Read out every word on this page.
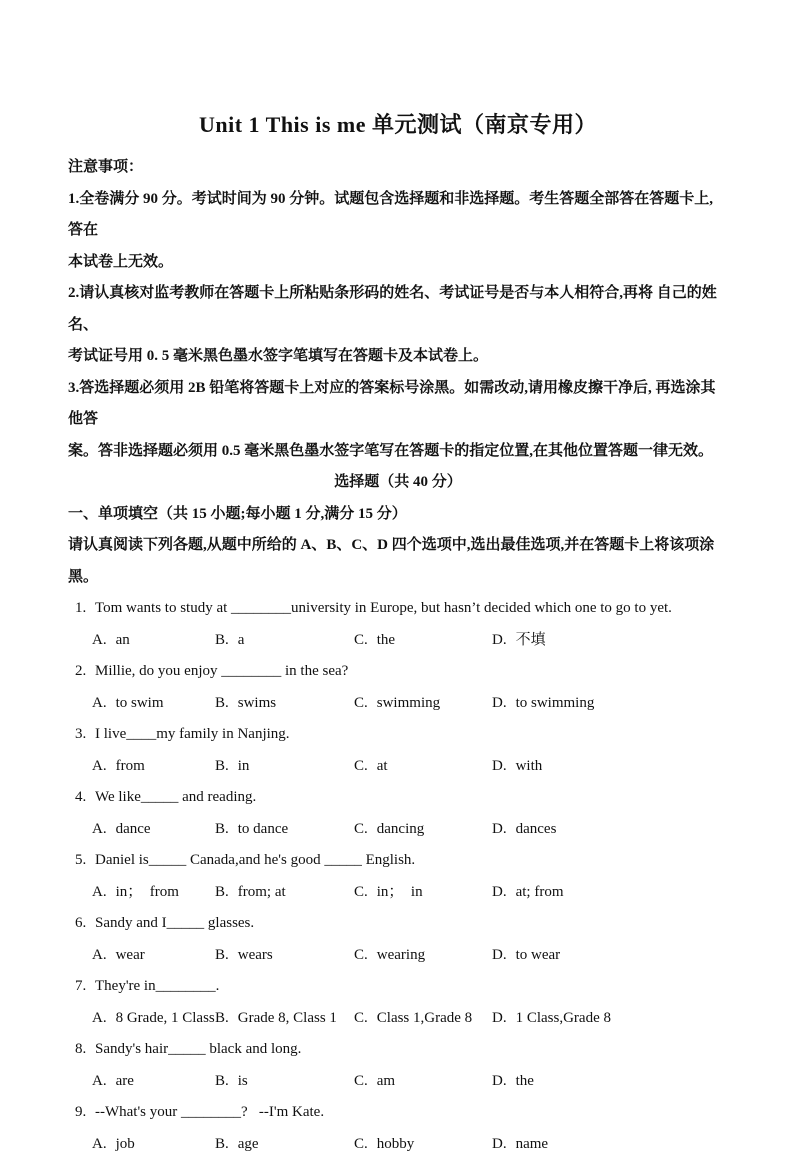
Unit 1 This is me 单元测试（南京专用）
注意事项：
1.全卷满分 90 分。考试时间为 90 分钟。试题包含选择题和非选择题。考生答题全部答在答题卡上, 答在
本试卷上无效。
2.请认真核对监考教师在答题卡上所粘贴条形码的姓名、考试证号是否与本人相符合,再将 自己的姓名、
考试证号用 0. 5 毫米黑色墨水签字笔填写在答题卡及本试卷上。
3.答选择题必须用 2B 铅笔将答题卡上对应的答案标号涂黑。如需改动,请用橡皮擦干净后, 再选涂其他答
案。答非选择题必须用 0.5 毫米黑色墨水签字笔写在答题卡的指定位置,在其他位置答题一律无效。
选择题（共 40 分）
一、单项填空（共 15 小题;每小题 1 分,满分 15 分）
请认真阅读下列各题,从题中所给的 A、B、C、D 四个选项中,选出最佳选项,并在答题卡上将该项涂黑。
1. Tom wants to study at ________university in Europe, but hasn’t decided which one to go to yet.
A. an	B. a	C. the	D. 不填
2. Millie, do you enjoy ________ in the sea?
A. to swim	B. swims	C. swimming	D. to swimming
3. I live____my family in Nanjing.
A. from	B. in	C. at	D. with
4. We like_____ and reading.
A. dance	B. to dance	C. dancing	D. dances
5. Daniel is_____ Canada,and he's good _____ English.
A. in；  from B. from; at	C. in；  in	D. at; from
6. Sandy and I_____ glasses.
A. wear	B. wears	C. wearing	D. to wear
7. They're in________.
A. 8 Grade, 1 Class B. Grade 8, Class 1 C. Class 1,Grade 8 D. 1 Class,Grade 8
8. Sandy's hair_____ black and long.
A. are	B. is	C. am	D. the
9. --What's your ________?   --I'm Kate.
A. job	B. age	C. hobby	D. name
